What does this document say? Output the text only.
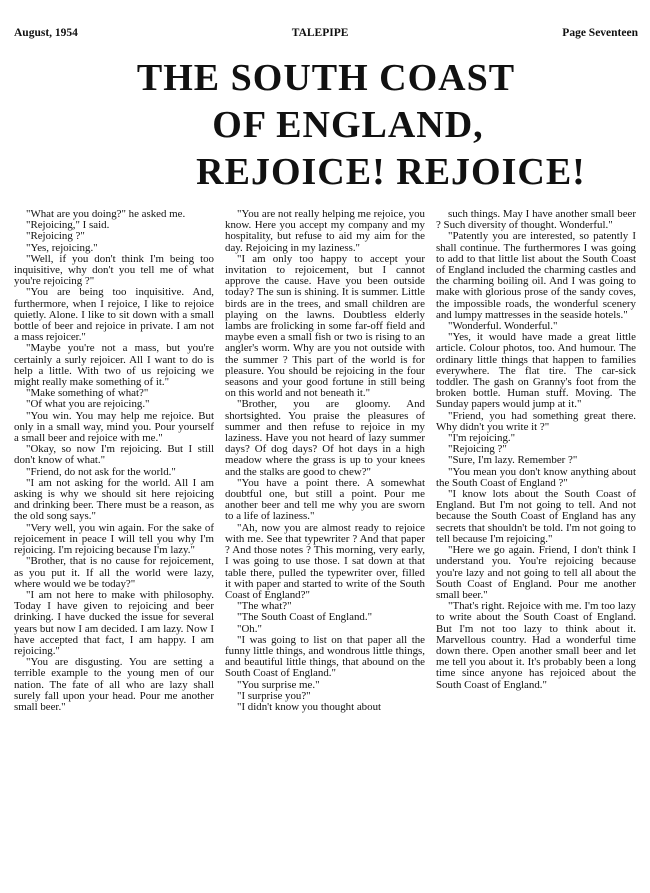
August, 1954	TALEPIPE	Page Seventeen
THE SOUTH COAST
OF ENGLAND,
REJOICE! REJOICE!

"What are you doing?" he asked me.

"Rejoicing," I said.

"Rejoicing ?"

"Yes, rejoicing."

"Well, if you don't think I'm being too inquisitive, why don't you tell me of what you're rejoicing ?"

"You are being too inquisitive. And, furthermore, when I rejoice, I like to rejoice quietly. Alone. I like to sit down with a small bottle of beer and rejoice in private. I am not a mass rejoicer."

"Maybe you're not a mass, but you're certainly a surly rejoicer. All I want to do is help a little. With two of us rejoicing we might really make something of it."

"Make something of what?"

"Of what you are rejoicing."

"You win. You may help me rejoice. But only in a small way, mind you. Pour yourself a small beer and rejoice with me."

"Okay, so now I'm rejoicing. But I still don't know of what."

"Friend, do not ask for the world."

"I am not asking for the world. All I am asking is why we should sit here rejoicing and drinking beer. There must be a reason, as the old song says."

"Very well, you win again. For the sake of rejoicement in peace I will tell you why I'm rejoicing. I'm rejoicing because I'm lazy."

"Brother, that is no cause for rejoicement, as you put it. If all the world were lazy, where would we be today?"

"I am not here to make with philosophy. Today I have given to rejoicing and beer drinking. I have ducked the issue for several years but now I am decided. I am lazy. Now I have accepted that fact, I am happy. I am rejoicing."

"You are disgusting. You are setting a terrible example to the young men of our nation. The fate of all who are lazy shall surely fall upon your head. Pour me another small beer."

"You are not really helping me rejoice, you know. Here you accept my company and my hospitality, but refuse to aid my aim for the day. Rejoicing in my laziness."

"I am only too happy to accept your invitation to rejoicement, but I cannot approve the cause. Have you been outside today? The sun is shining. It is summer. Little birds are in the trees, and small children are playing on the lawns. Doubtless elderly lambs are frolicking in some far-off field and maybe even a small fish or two is rising to an angler's worm. Why are you not outside with the summer ? This part of the world is for pleasure. You should be rejoicing in the four seasons and your good fortune in still being on this world and not beneath it."

"Brother, you are gloomy. And shortsighted. You praise the pleasures of summer and then refuse to rejoice in my laziness. Have you not heard of lazy summer days? Of dog days? Of hot days in a high meadow where the grass is up to your knees and the stalks are good to chew?"

"You have a point there. A somewhat doubtful one, but still a point. Pour me another beer and tell me why you are sworn to a life of laziness."

"Ah, now you are almost ready to rejoice with me. See that typewriter ? And that paper ? And those notes ? This morning, very early, I was going to use those. I sat down at that table there, pulled the typewriter over, filled it with paper and started to write of the South Coast of England?"

"The what?"

"The South Coast of England."

"Oh."

"I was going to list on that paper all the funny little things, and wondrous little things, and beautiful little things, that abound on the South Coast of England."

"You surprise me."

"I surprise you?"

"I didn't know you thought about

such things. May I have another small beer ? Such diversity of thought. Wonderful."

"Patently you are interested, so patently I shall continue. The furthermores I was going to add to that little list about the South Coast of England included the charming castles and the charming boiling oil. And I was going to make with glorious prose of the sandy coves, the impossible roads, the wonderful scenery and lumpy mattresses in the seaside hotels."

"Wonderful. Wonderful."

"Yes, it would have made a great little article. Colour photos, too. And humour. The ordinary little things that happen to families everywhere. The flat tire. The car-sick toddler. The gash on Granny's foot from the broken bottle. Human stuff. Moving. The Sunday papers would jump at it."

"Friend, you had something great there. Why didn't you write it ?"

"I'm rejoicing."

"Rejoicing ?"

"Sure, I'm lazy. Remember ?"

"You mean you don't know anything about the South Coast of England ?"

"I know lots about the South Coast of England. But I'm not going to tell. And not because the South Coast of England has any secrets that shouldn't be told. I'm not going to tell because I'm rejoicing."

"Here we go again. Friend, I don't think I understand you. You're rejoicing because you're lazy and not going to tell all about the South Coast of England. Pour me another small beer."

"That's right. Rejoice with me. I'm too lazy to write about the South Coast of England. But I'm not too lazy to think about it. Marvellous country. Had a wonderful time down there. Open another small beer and let me tell you about it. It's probably been a long time since anyone has rejoiced about the South Coast of England."
